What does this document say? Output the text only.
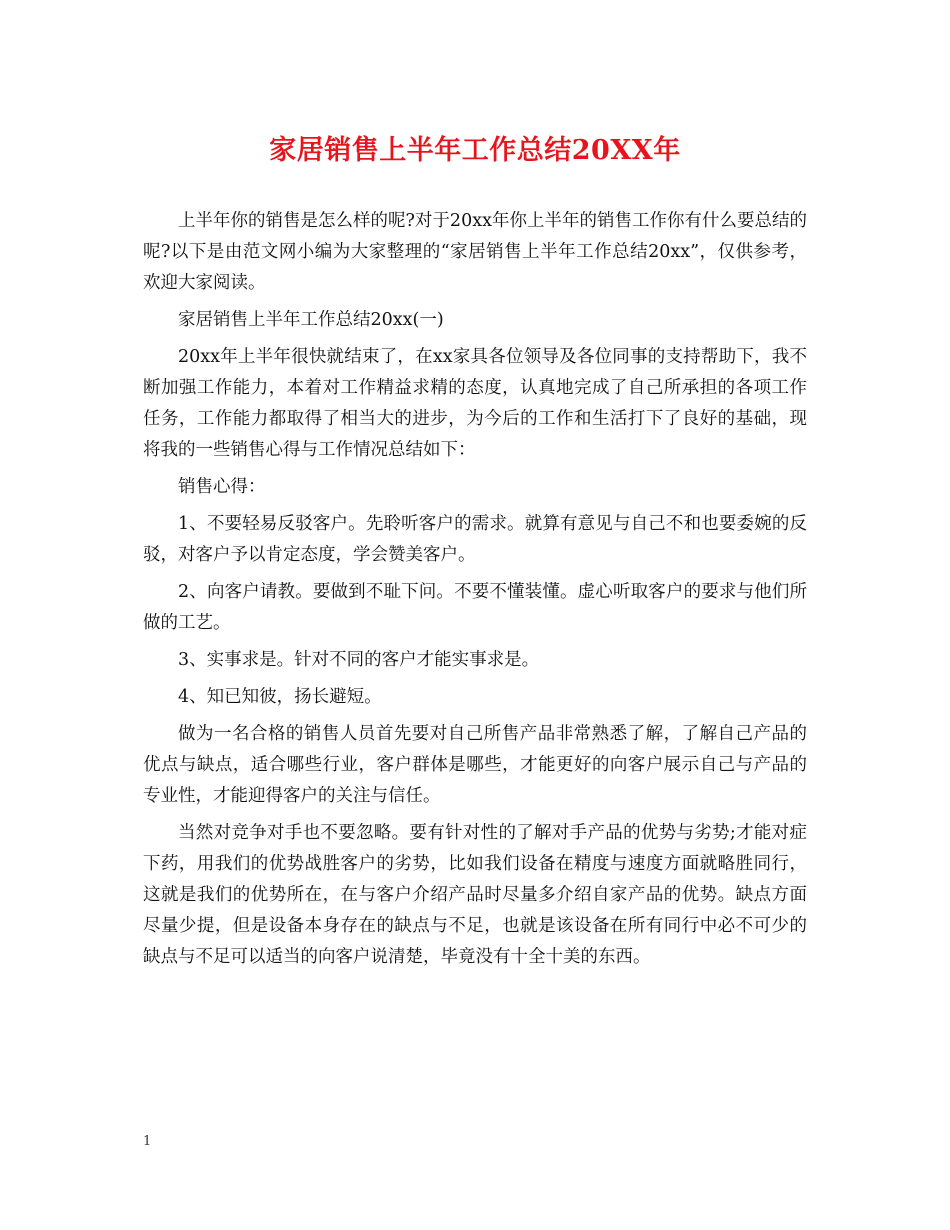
家居销售上半年工作总结20XX年

上半年你的销售是怎么样的呢?对于20xx年你上半年的销售工作你有什么要总结的呢?以下是由范文网小编为大家整理的“家居销售上半年工作总结20xx”，仅供参考，欢迎大家阅读。

家居销售上半年工作总结20xx(一)

20xx年上半年很快就结束了，在xx家具各位领导及各位同事的支持帮助下，我不断加强工作能力，本着对工作精益求精的态度，认真地完成了自己所承担的各项工作任务，工作能力都取得了相当大的进步，为今后的工作和生活打下了良好的基础，现将我的一些销售心得与工作情况总结如下：

销售心得：

1、不要轻易反驳客户。先聆听客户的需求。就算有意见与自己不和也要委婉的反驳，对客户予以肯定态度，学会赞美客户。

2、向客户请教。要做到不耻下问。不要不懂装懂。虚心听取客户的要求与他们所做的工艺。

3、实事求是。针对不同的客户才能实事求是。

4、知已知彼，扬长避短。

做为一名合格的销售人员首先要对自己所售产品非常熟悉了解，了解自己产品的优点与缺点，适合哪些行业，客户群体是哪些，才能更好的向客户展示自己与产品的专业性，才能迎得客户的关注与信任。

当然对竞争对手也不要忽略。要有针对性的了解对手产品的优势与劣势;才能对症下药，用我们的优势战胜客户的劣势，比如我们设备在精度与速度方面就略胜同行，这就是我们的优势所在，在与客户介绍产品时尽量多介绍自家产品的优势。缺点方面尽量少提，但是设备本身存在的缺点与不足，也就是该设备在所有同行中必不可少的缺点与不足可以适当的向客户说清楚，毕竟没有十全十美的东西。

1
